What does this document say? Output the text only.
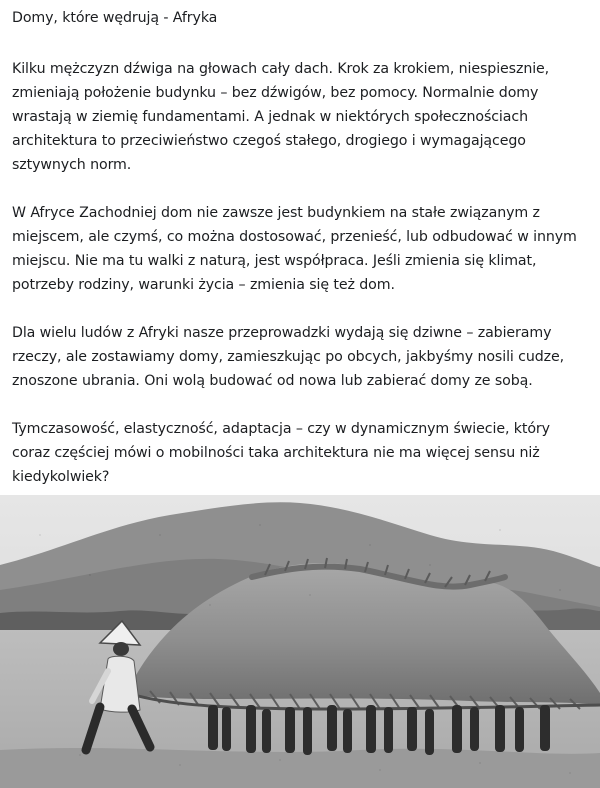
Domy, które wędrują - Afryka

Kilku mężczyzn dźwiga na głowach cały dach. Krok za krokiem, niespiesznie, zmieniają położenie budynku – bez dźwigów, bez pomocy. Normalnie domy wrastają w ziemię fundamentami. A jednak w niektórych społecznościach architektura to przeciwieństwo czegoś stałego, drogiego i wymagającego sztywnych norm.

W Afryce Zachodniej dom nie zawsze jest budynkiem na stałe związanym z miejscem, ale czymś, co można dostosować, przenieść, lub odbudować w innym miejscu. Nie ma tu walki z naturą, jest współpraca. Jeśli zmienia się klimat, potrzeby rodziny, warunki życia – zmienia się też dom.

Dla wielu ludów z Afryki nasze przeprowadzki wydają się dziwne – zabieramy rzeczy, ale zostawiamy domy, zamieszkując po obcych, jakbyśmy nosili cudze, znoszone ubrania. Oni wolą budować od nowa lub zabierać domy ze sobą.

Tymczasowość, elastyczność, adaptacja – czy w dynamicznym świecie, który coraz częściej mówi o mobilności taka architektura nie ma więcej sensu niż kiedykolwiek?
